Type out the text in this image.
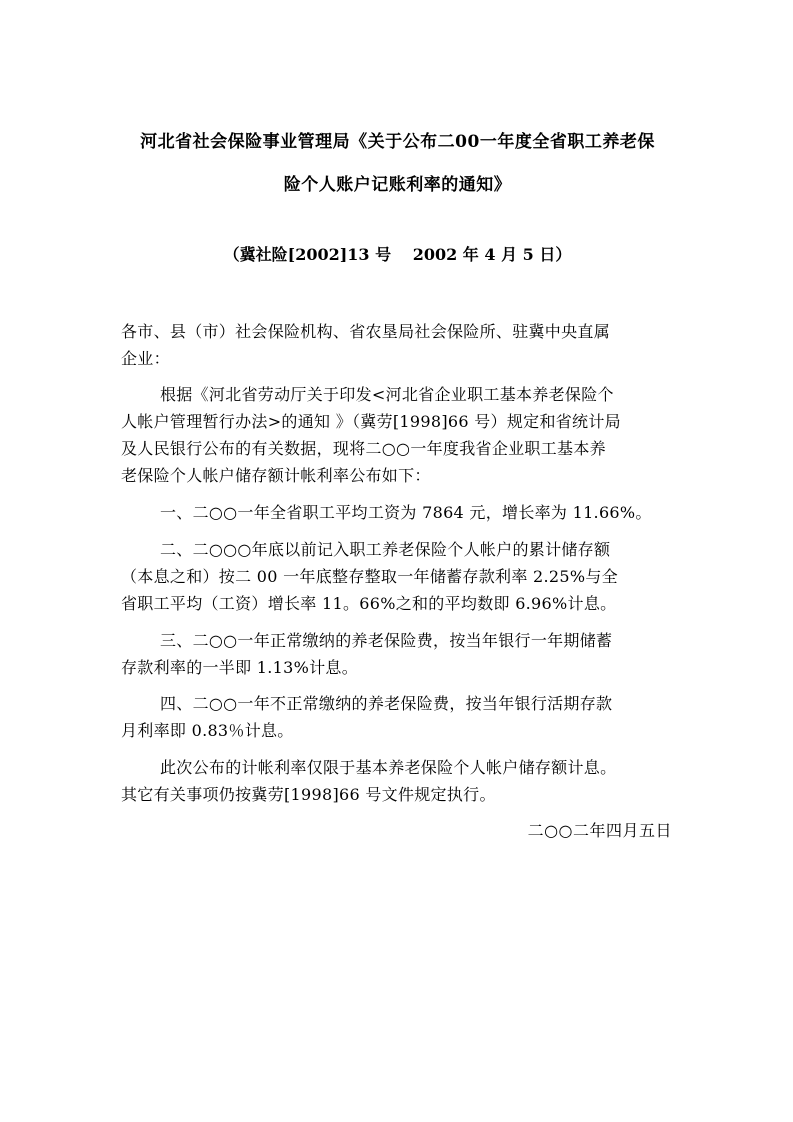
河北省社会保险事业管理局《关于公布二00一年度全省职工养老保
险个人账户记账利率的通知》
（冀社险[2002]13 号　 2002 年 4 月 5 日）
各市、县（市）社会保险机构、省农垦局社会保险所、驻冀中央直属
企业：
根据《河北省劳动厅关于印发<河北省企业职工基本养老保险个
人帐户管理暂行办法>的通知 》（冀劳[1998]66 号）规定和省统计局
及人民银行公布的有关数据，现将二○○一年度我省企业职工基本养
老保险个人帐户储存额计帐利率公布如下：
一、二○○一年全省职工平均工资为 7864 元，增长率为 11.66%。
二、二○○○年底以前记入职工养老保险个人帐户的累计储存额
（本息之和）按二 00 一年底整存整取一年储蓄存款利率 2.25%与全
省职工平均（工资）增长率 11。66%之和的平均数即 6.96%计息。
三、二○○一年正常缴纳的养老保险费，按当年银行一年期储蓄
存款利率的一半即 1.13%计息。
四、二○○一年不正常缴纳的养老保险费，按当年银行活期存款
月利率即 0.83％计息。
此次公布的计帐利率仅限于基本养老保险个人帐户储存额计息。
其它有关事项仍按冀劳[1998]66 号文件规定执行。
二○○二年四月五日
